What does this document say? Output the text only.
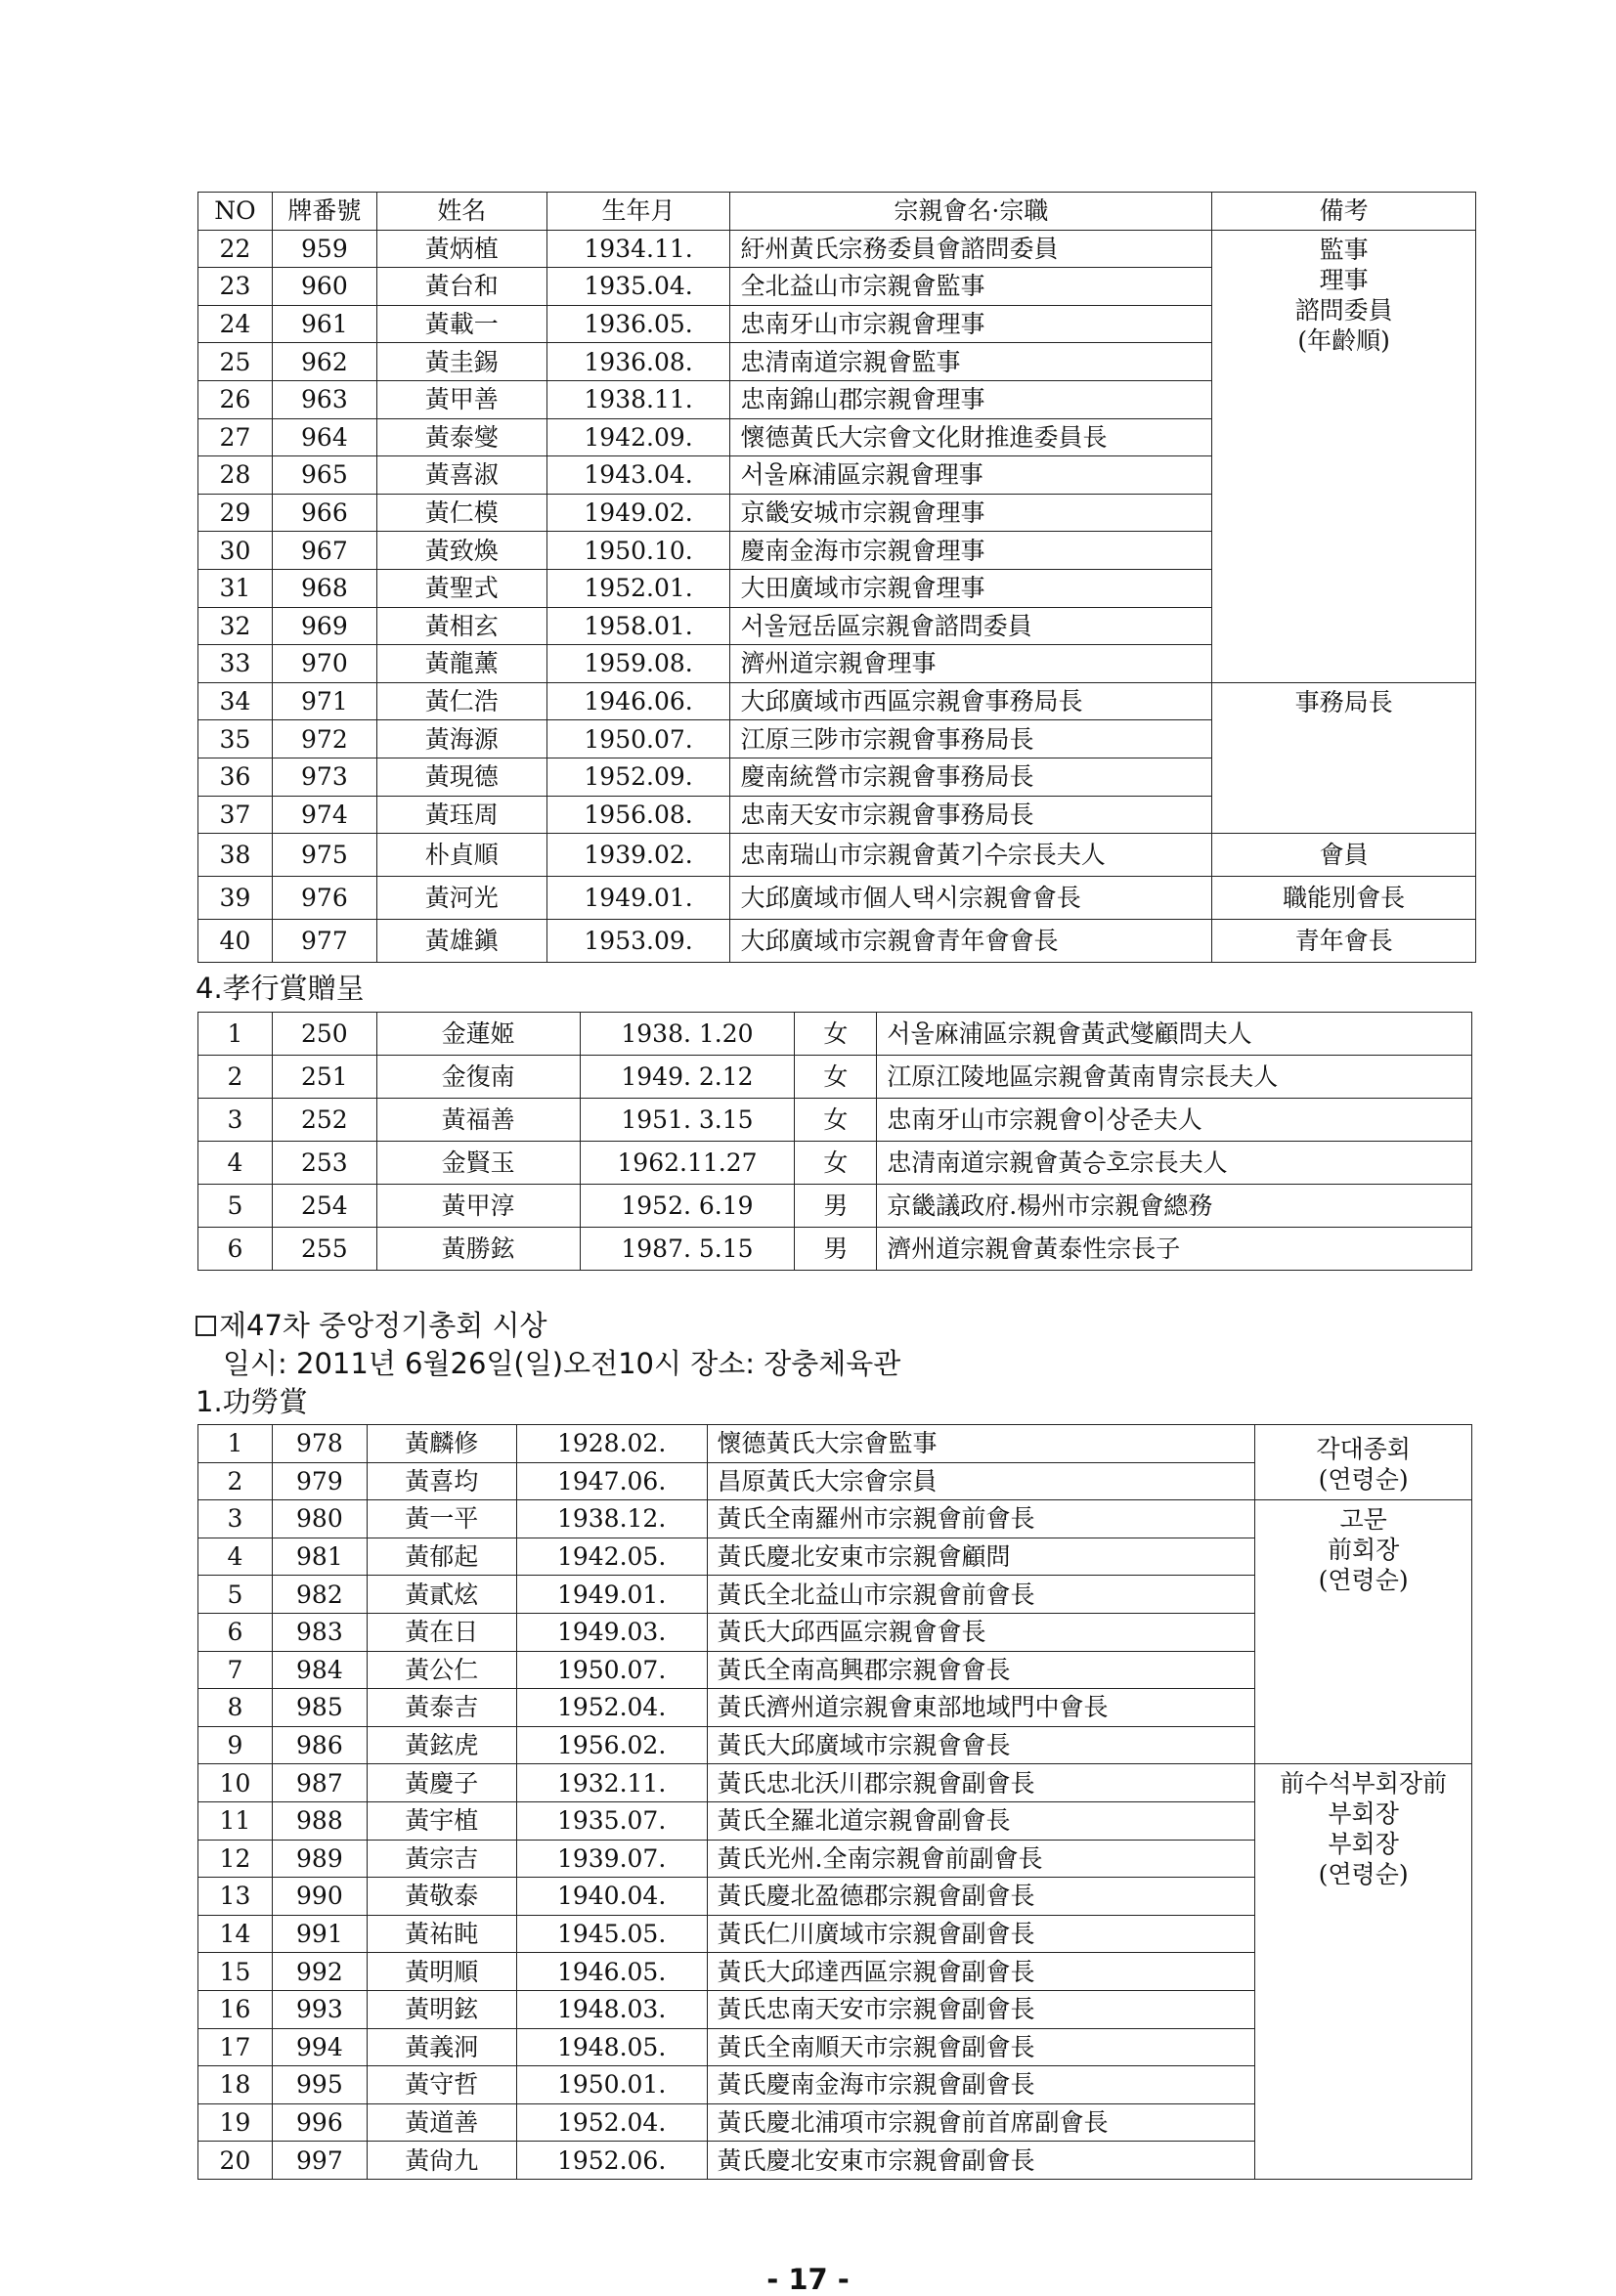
NO	牌番號	姓名	生年月	宗親會名·宗職	備考
22	959	黃炳植	1934.11.	紆州黃氏宗務委員會諮問委員	監事
理事
諮問委員
(年齡順)

23	960	黃台和	1935.04.	全北益山市宗親會監事	
24	961	黃載一	1936.05.	忠南牙山市宗親會理事	
25	962	黃圭錫	1936.08.	忠清南道宗親會監事	
26	963	黃甲善	1938.11.	忠南錦山郡宗親會理事	
27	964	黃泰燮	1942.09.	懷德黃氏大宗會文化財推進委員長	
28	965	黃喜淑	1943.04.	서울麻浦區宗親會理事	
29	966	黃仁模	1949.02.	京畿安城市宗親會理事	
30	967	黃致煥	1950.10.	慶南金海市宗親會理事	
31	968	黃聖式	1952.01.	大田廣域市宗親會理事	
32	969	黃相玄	1958.01.	서울冠岳區宗親會諮問委員	
33	970	黃龍薰	1959.08.	濟州道宗親會理事	
34	971	黃仁浩	1946.06.	大邱廣域市西區宗親會事務局長	事務局長
35	972	黃海源	1950.07.	江原三陟市宗親會事務局長	
36	973	黃現德	1952.09.	慶南統營市宗親會事務局長	
37	974	黃珏周	1956.08.	忠南天安市宗親會事務局長	
38	975	朴貞順	1939.02.	忠南瑞山市宗親會黃기수宗長夫人	會員
39	976	黃河光	1949.01.	大邱廣域市個人택시宗親會會長	職能別會長
40	977	黃雄鎭	1953.09.	大邱廣域市宗親會青年會會長	青年會長
4.孝行賞贈呈
1	250	金蓮姬	1938. 1.20	女	서울麻浦區宗親會黃武燮顧問夫人
2	251	金復南	1949. 2.12	女	江原江陵地區宗親會黃南冑宗長夫人
3	252	黃福善	1951. 3.15	女	忠南牙山市宗親會이상준夫人
4	253	金賢玉	1962.11.27	女	忠清南道宗親會黃승호宗長夫人
5	254	黃甲淳	1952. 6.19	男	京畿議政府.楊州市宗親會總務
6	255	黃勝鉉	1987. 5.15	男	濟州道宗親會黃泰性宗長子
제47차 중앙정기총회 시상
일시: 2011년 6월26일(일)오전10시 장소: 장충체육관
1.功勞賞
1	978	黃麟修	1928.02.	懷德黃氏大宗會監事	각대종회
(연령순)

2	979	黃喜均	1947.06.	昌原黃氏大宗會宗員	
3	980	黃一平	1938.12.	黃氏全南羅州市宗親會前會長	고문
前회장
(연령순)

4	981	黃郁起	1942.05.	黃氏慶北安東市宗親會顧問	
5	982	黃貳炫	1949.01.	黃氏全北益山市宗親會前會長	
6	983	黃在日	1949.03.	黃氏大邱西區宗親會會長	
7	984	黃公仁	1950.07.	黃氏全南高興郡宗親會會長	
8	985	黃泰吉	1952.04.	黃氏濟州道宗親會東部地域門中會長	
9	986	黃鉉虎	1956.02.	黃氏大邱廣域市宗親會會長	
10	987	黃慶子	1932.11.	黃氏忠北沃川郡宗親會副會長	前수석부회장前
부회장
부회장
(연령순)

11	988	黃宇植	1935.07.	黃氏全羅北道宗親會副會長	
12	989	黃宗吉	1939.07.	黃氏光州.全南宗親會前副會長	
13	990	黃敬泰	1940.04.	黃氏慶北盈德郡宗親會副會長	
14	991	黃祐盹	1945.05.	黃氏仁川廣域市宗親會副會長	
15	992	黃明順	1946.05.	黃氏大邱達西區宗親會副會長	
16	993	黃明鉉	1948.03.	黃氏忠南天安市宗親會副會長	
17	994	黃義泂	1948.05.	黃氏全南順天市宗親會副會長	
18	995	黃守哲	1950.01.	黃氏慶南金海市宗親會副會長	
19	996	黃道善	1952.04.	黃氏慶北浦項市宗親會前首席副會長	
20	997	黃尙九	1952.06.	黃氏慶北安東市宗親會副會長	
- 17 -
